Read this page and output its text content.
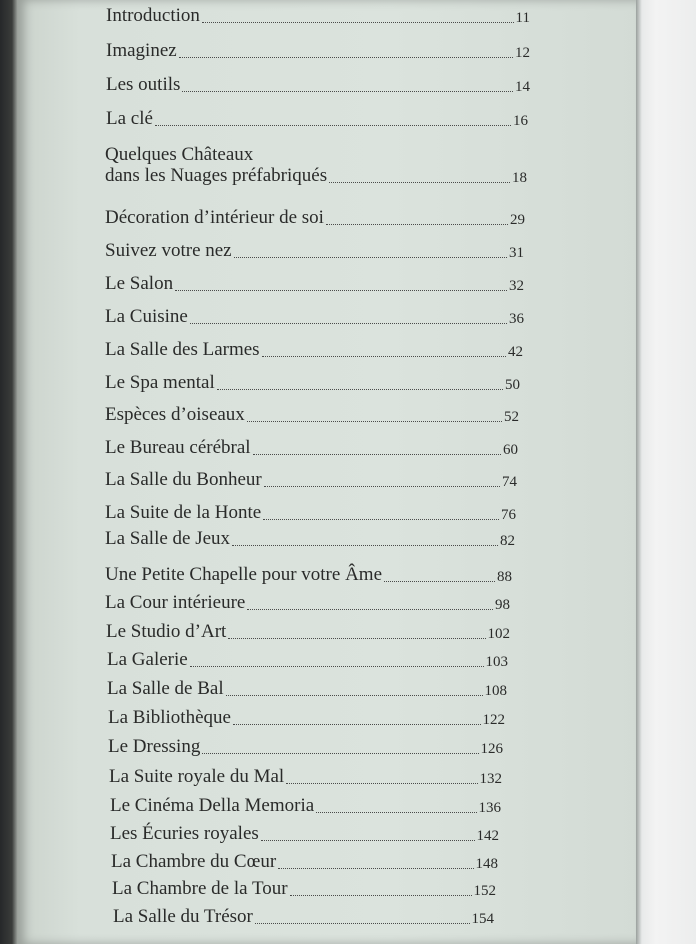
Introduction	11
Imaginez	12
Les outils	14
La clé	16
Quelques Châteaux
dans les Nuages préfabriqués	18
Décoration d’intérieur de soi	29
Suivez votre nez	31
Le Salon	32
La Cuisine	36
La Salle des Larmes	42
Le Spa mental	50
Espèces d’oiseaux	52
Le Bureau cérébral	60
La Salle du Bonheur	74
La Suite de la Honte	76
La Salle de Jeux	82
Une Petite Chapelle pour votre Âme	88
La Cour intérieure	98
Le Studio d’Art	102
La Galerie	103
La Salle de Bal	108
La Bibliothèque	122
Le Dressing	126
La Suite royale du Mal	132
Le Cinéma Della Memoria	136
Les Écuries royales	142
La Chambre du Cœur	148
La Chambre de la Tour	152
La Salle du Trésor	154
